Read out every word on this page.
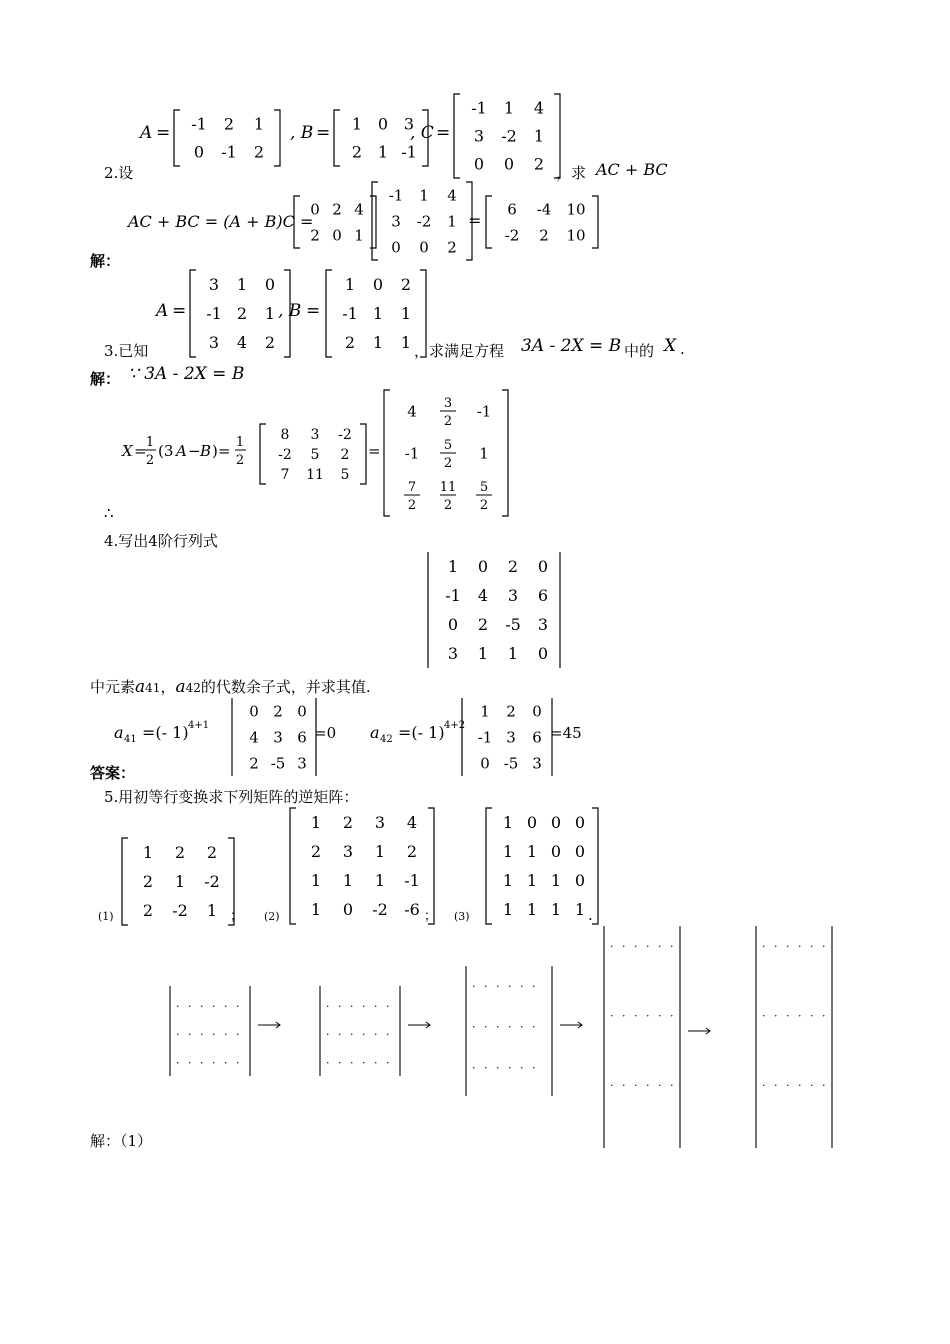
A = -1 2 1
0 -1 2
, B = 1 0 3
2 1 -1
, C =
-1 1 4
3 -2 1
0 0 2
2.设	，求 AC + BC
AC + BC = (A + B)C =
0 2 4
2 0 1
-1 1 4
3 -2 1
0 0 2
=
6 -4 10
-2 2 10
解：
A =
3 1 0
-1 2 1
3 4 2
, B =
1 0 2
-1 1 1
2 1 1
3.已知	，求满足方程 3A - 2X = B 中的 X .
解： ∵ 3A - 2X = B
X = 1
2
(3 A − B )= 1
2
8 3 -2
-2 5 2
7 11 5
=
4 3
2
-1
-1 5
2
1
7
2
11
2
5
2
∴
4.写出4阶行列式
1 0 2 0
-1 4 3 6
0 2 -5 3
3 1 1 0
中元素a41，a42的代数余子式，并求其值.
a 41 =(- 1) 4+1
0 2 0
4 3 6
2 -5 3
=0 a 42 =(- 1) 4+2
1 2 0
-1 3 6
0 -5 3
=45
答案：
5.用初等行变换求下列矩阵的逆矩阵：
(1)
1 2 2
2 1 -2
2 -2 1 ； (2)
1 2 3 4
2 3 1 2
1 1 1 -1
1 0 -2 -6 ； (3)
1 0 0 0
1 1 0 0
1 1 1 0
1 1 1 1 .
· · · · · ·
· · · · · ·
· · · · · ·
· · · · · ·
· · · · · ·
· · · · · ·
· · · · · ·
· · · · · ·
· · · · · ·
· · · · · ·
· · · · · ·
· · · · · ·
· · · · · ·
· · · · · ·
· · · · · ·
解：（1）
